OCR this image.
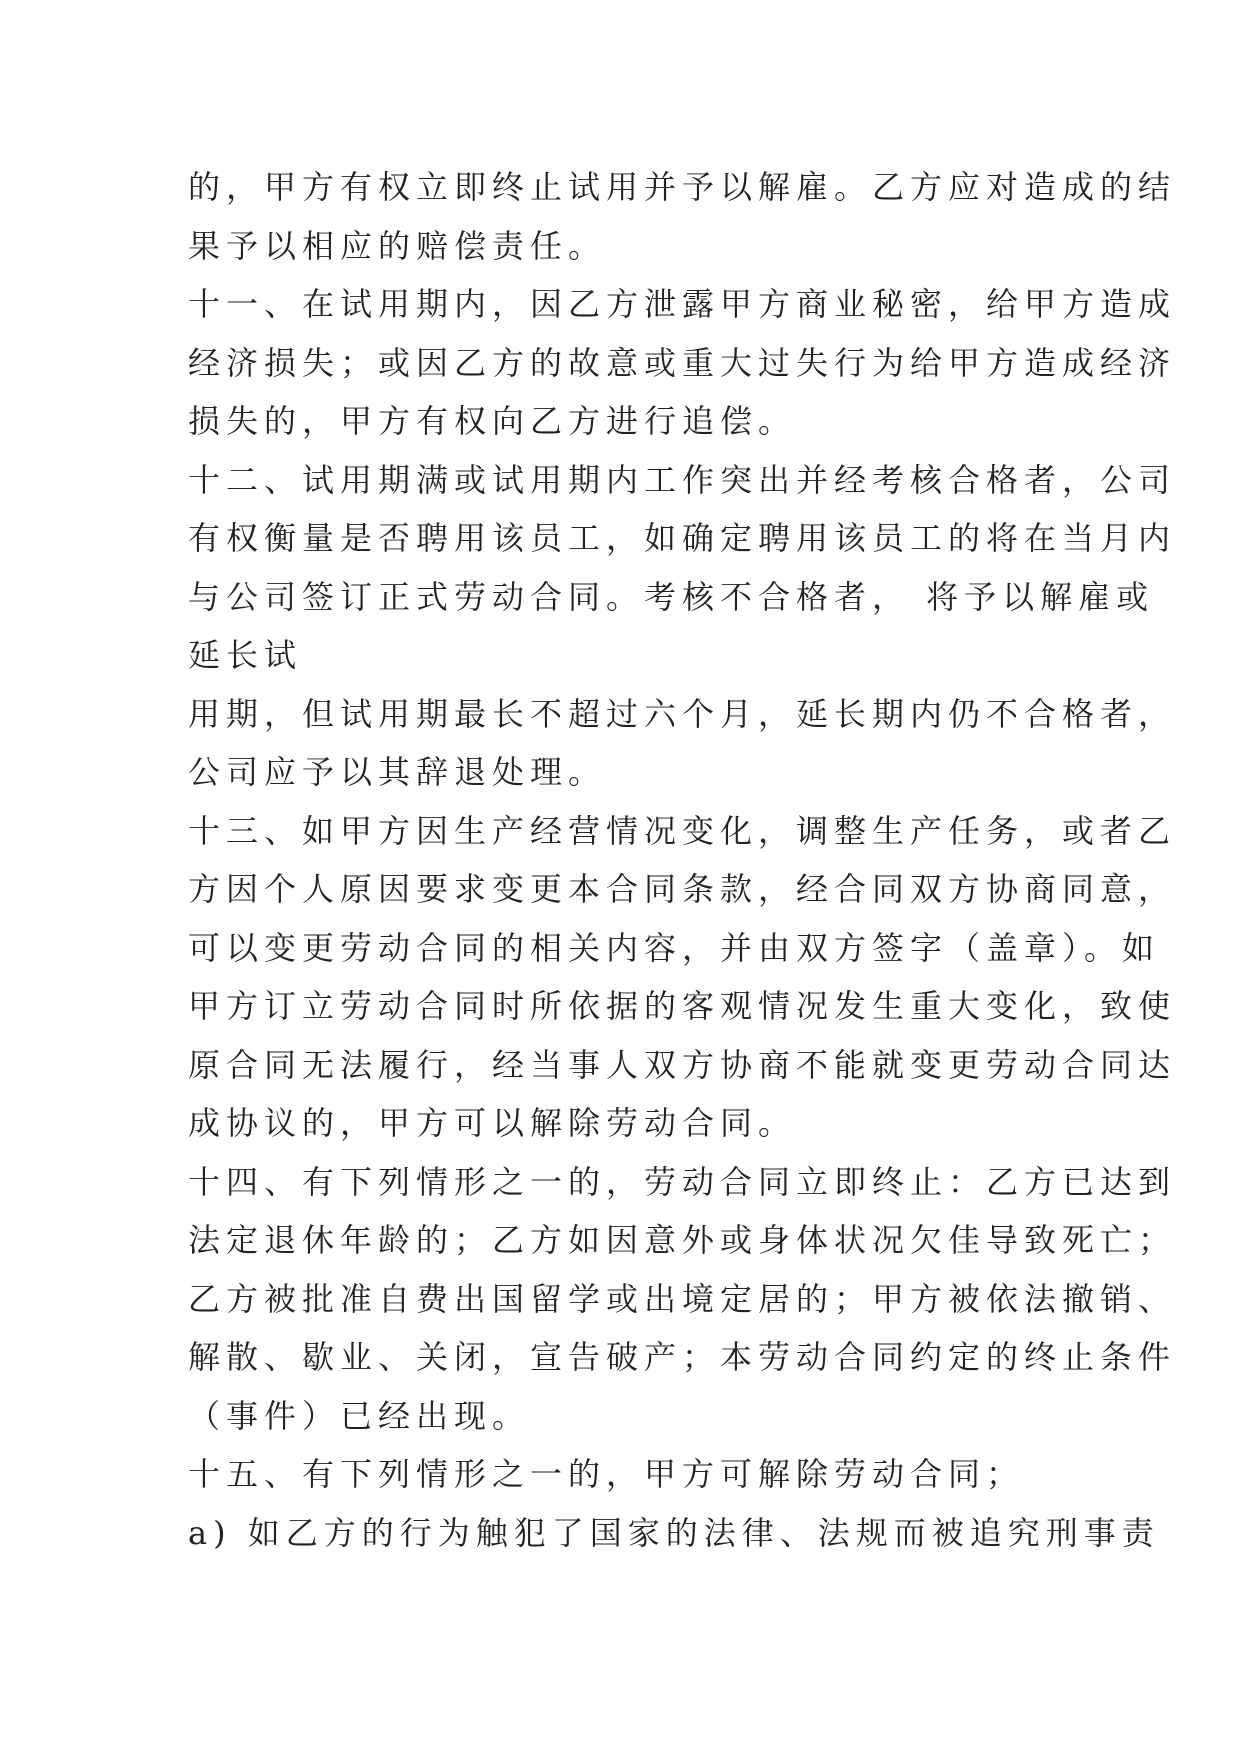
的，甲方有权立即终止试用并予以解雇。乙方应对造成的结
果予以相应的赔偿责任。
十一、在试用期内，因乙方泄露甲方商业秘密，给甲方造成
经济损失；或因乙方的故意或重大过失行为给甲方造成经济
损失的，甲方有权向乙方进行追偿。
十二、试用期满或试用期内工作突出并经考核合格者，公司
有权衡量是否聘用该员工，如确定聘用该员工的将在当月内
与公司签订正式劳动合同。考核不合格者， 将予以解雇或
延长试
用期，但试用期最长不超过六个月，延长期内仍不合格者，
公司应予以其辞退处理。
十三、如甲方因生产经营情况变化，调整生产任务，或者乙
方因个人原因要求变更本合同条款，经合同双方协商同意，
可以变更劳动合同的相关内容，并由双方签字（盖章）。如
甲方订立劳动合同时所依据的客观情况发生重大变化，致使
原合同无法履行，经当事人双方协商不能就变更劳动合同达
成协议的，甲方可以解除劳动合同。
十四、有下列情形之一的，劳动合同立即终止：乙方已达到
法定退休年龄的；乙方如因意外或身体状况欠佳导致死亡；
乙方被批准自费出国留学或出境定居的；甲方被依法撤销、
解散、歇业、关闭，宣告破产；本劳动合同约定的终止条件
（事件）已经出现。
十五、有下列情形之一的，甲方可解除劳动合同；
a) 如乙方的行为触犯了国家的法律、法规而被追究刑事责
